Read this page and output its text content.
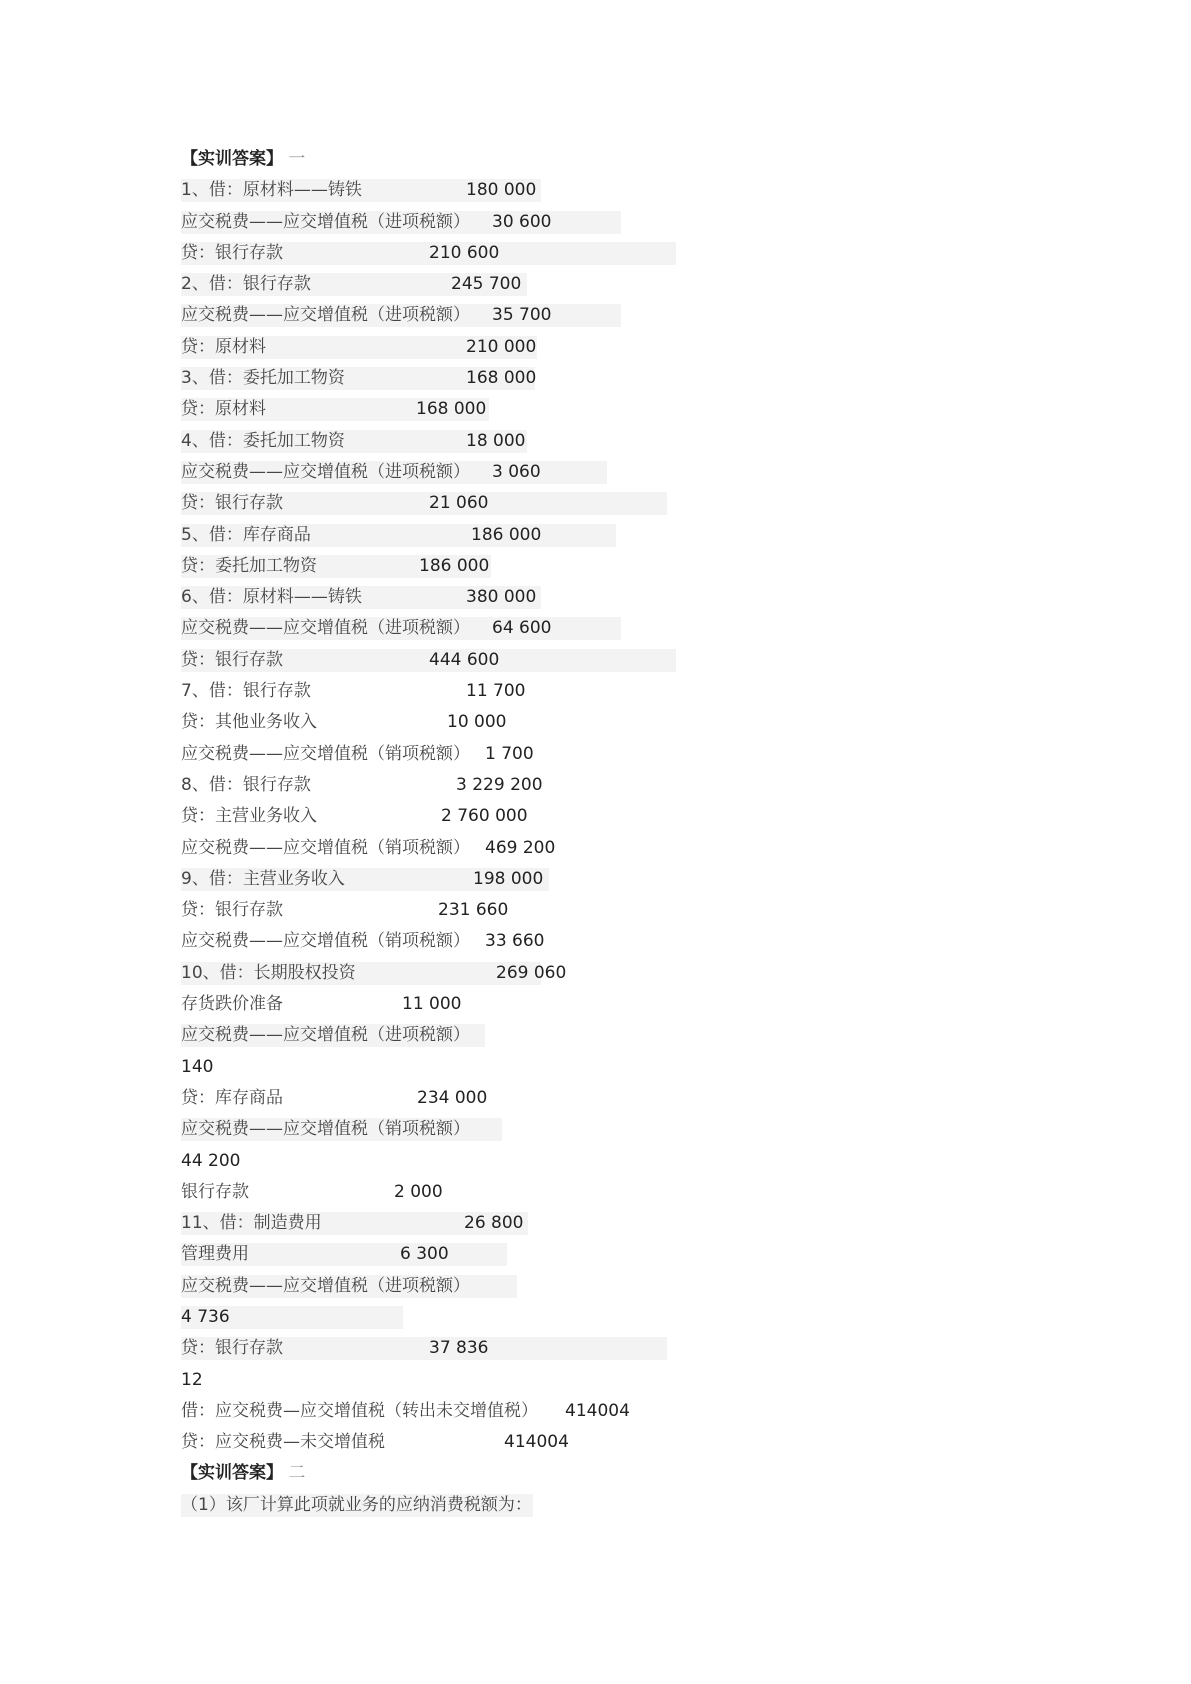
【实训答案】 一
1、借：原材料——铸铁	180 000
应交税费——应交增值税（进项税额） 30 600
贷：银行存款	210 600
2、借：银行存款	245 700
应交税费——应交增值税（进项税额） 35 700
贷：原材料	210 000
3、借：委托加工物资	168 000
贷：原材料	168 000
4、借：委托加工物资	18 000
应交税费——应交增值税（进项税额） 3 060
贷：银行存款	21 060
5、借：库存商品	186 000
贷：委托加工物资	186 000
6、借：原材料——铸铁	380 000
应交税费——应交增值税（进项税额） 64 600
贷：银行存款	444 600
7、借：银行存款	11 700
贷：其他业务收入	10 000
应交税费——应交增值税（销项税额） 1 700
8、借：银行存款	3 229 200
贷：主营业务收入	2 760 000
应交税费——应交增值税（销项税额） 469 200
9、借：主营业务收入	198 000
贷：银行存款	231 660
应交税费——应交增值税（销项税额） 33 660
10、借：长期股权投资	269 060
存货跌价准备	11 000
应交税费——应交增值税（进项税额）
140
贷：库存商品	234 000
应交税费——应交增值税（销项税额）
44 200
银行存款	2 000
11、借：制造费用	26 800
管理费用	6 300
应交税费——应交增值税（进项税额）
4 736
贷：银行存款	37 836
12
借：应交税费—应交增值税（转出未交增值税） 414004
贷：应交税费—未交增值税	414004
【实训答案】 二
（1）该厂计算此项就业务的应纳消费税额为：
